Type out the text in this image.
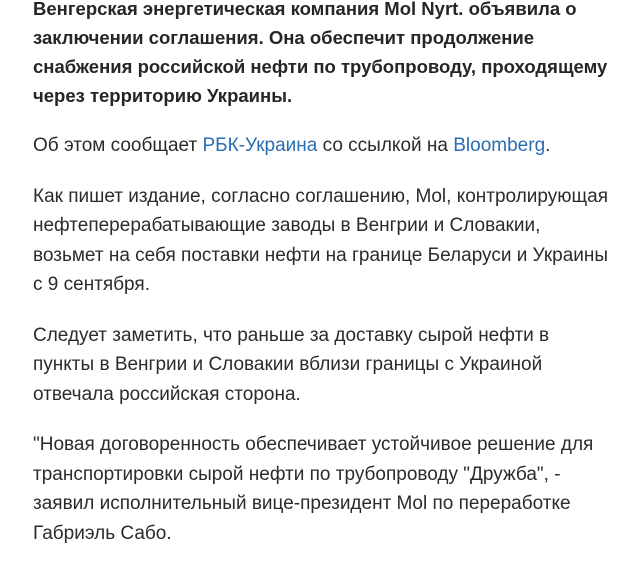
Венгерская энергетическая компания Mol Nyrt. объявила о
заключении соглашения. Она обеспечит продолжение
снабжения российской нефти по трубопроводу, проходящему
через территорию Украины.

Об этом сообщает РБК-Украина со ссылкой на Bloomberg.

Как пишет издание, согласно соглашению, Mol, контролирующая
нефтеперерабатывающие заводы в Венгрии и Словакии,
возьмет на себя поставки нефти на границе Беларуси и Украины
с 9 сентября.

Следует заметить, что раньше за доставку сырой нефти в
пункты в Венгрии и Словакии вблизи границы с Украиной
отвечала российская сторона.

"Новая договоренность обеспечивает устойчивое решение для
транспортировки сырой нефти по трубопроводу "Дружба", -
заявил исполнительный вице-президент Mol по переработке
Габриэль Сабо.
